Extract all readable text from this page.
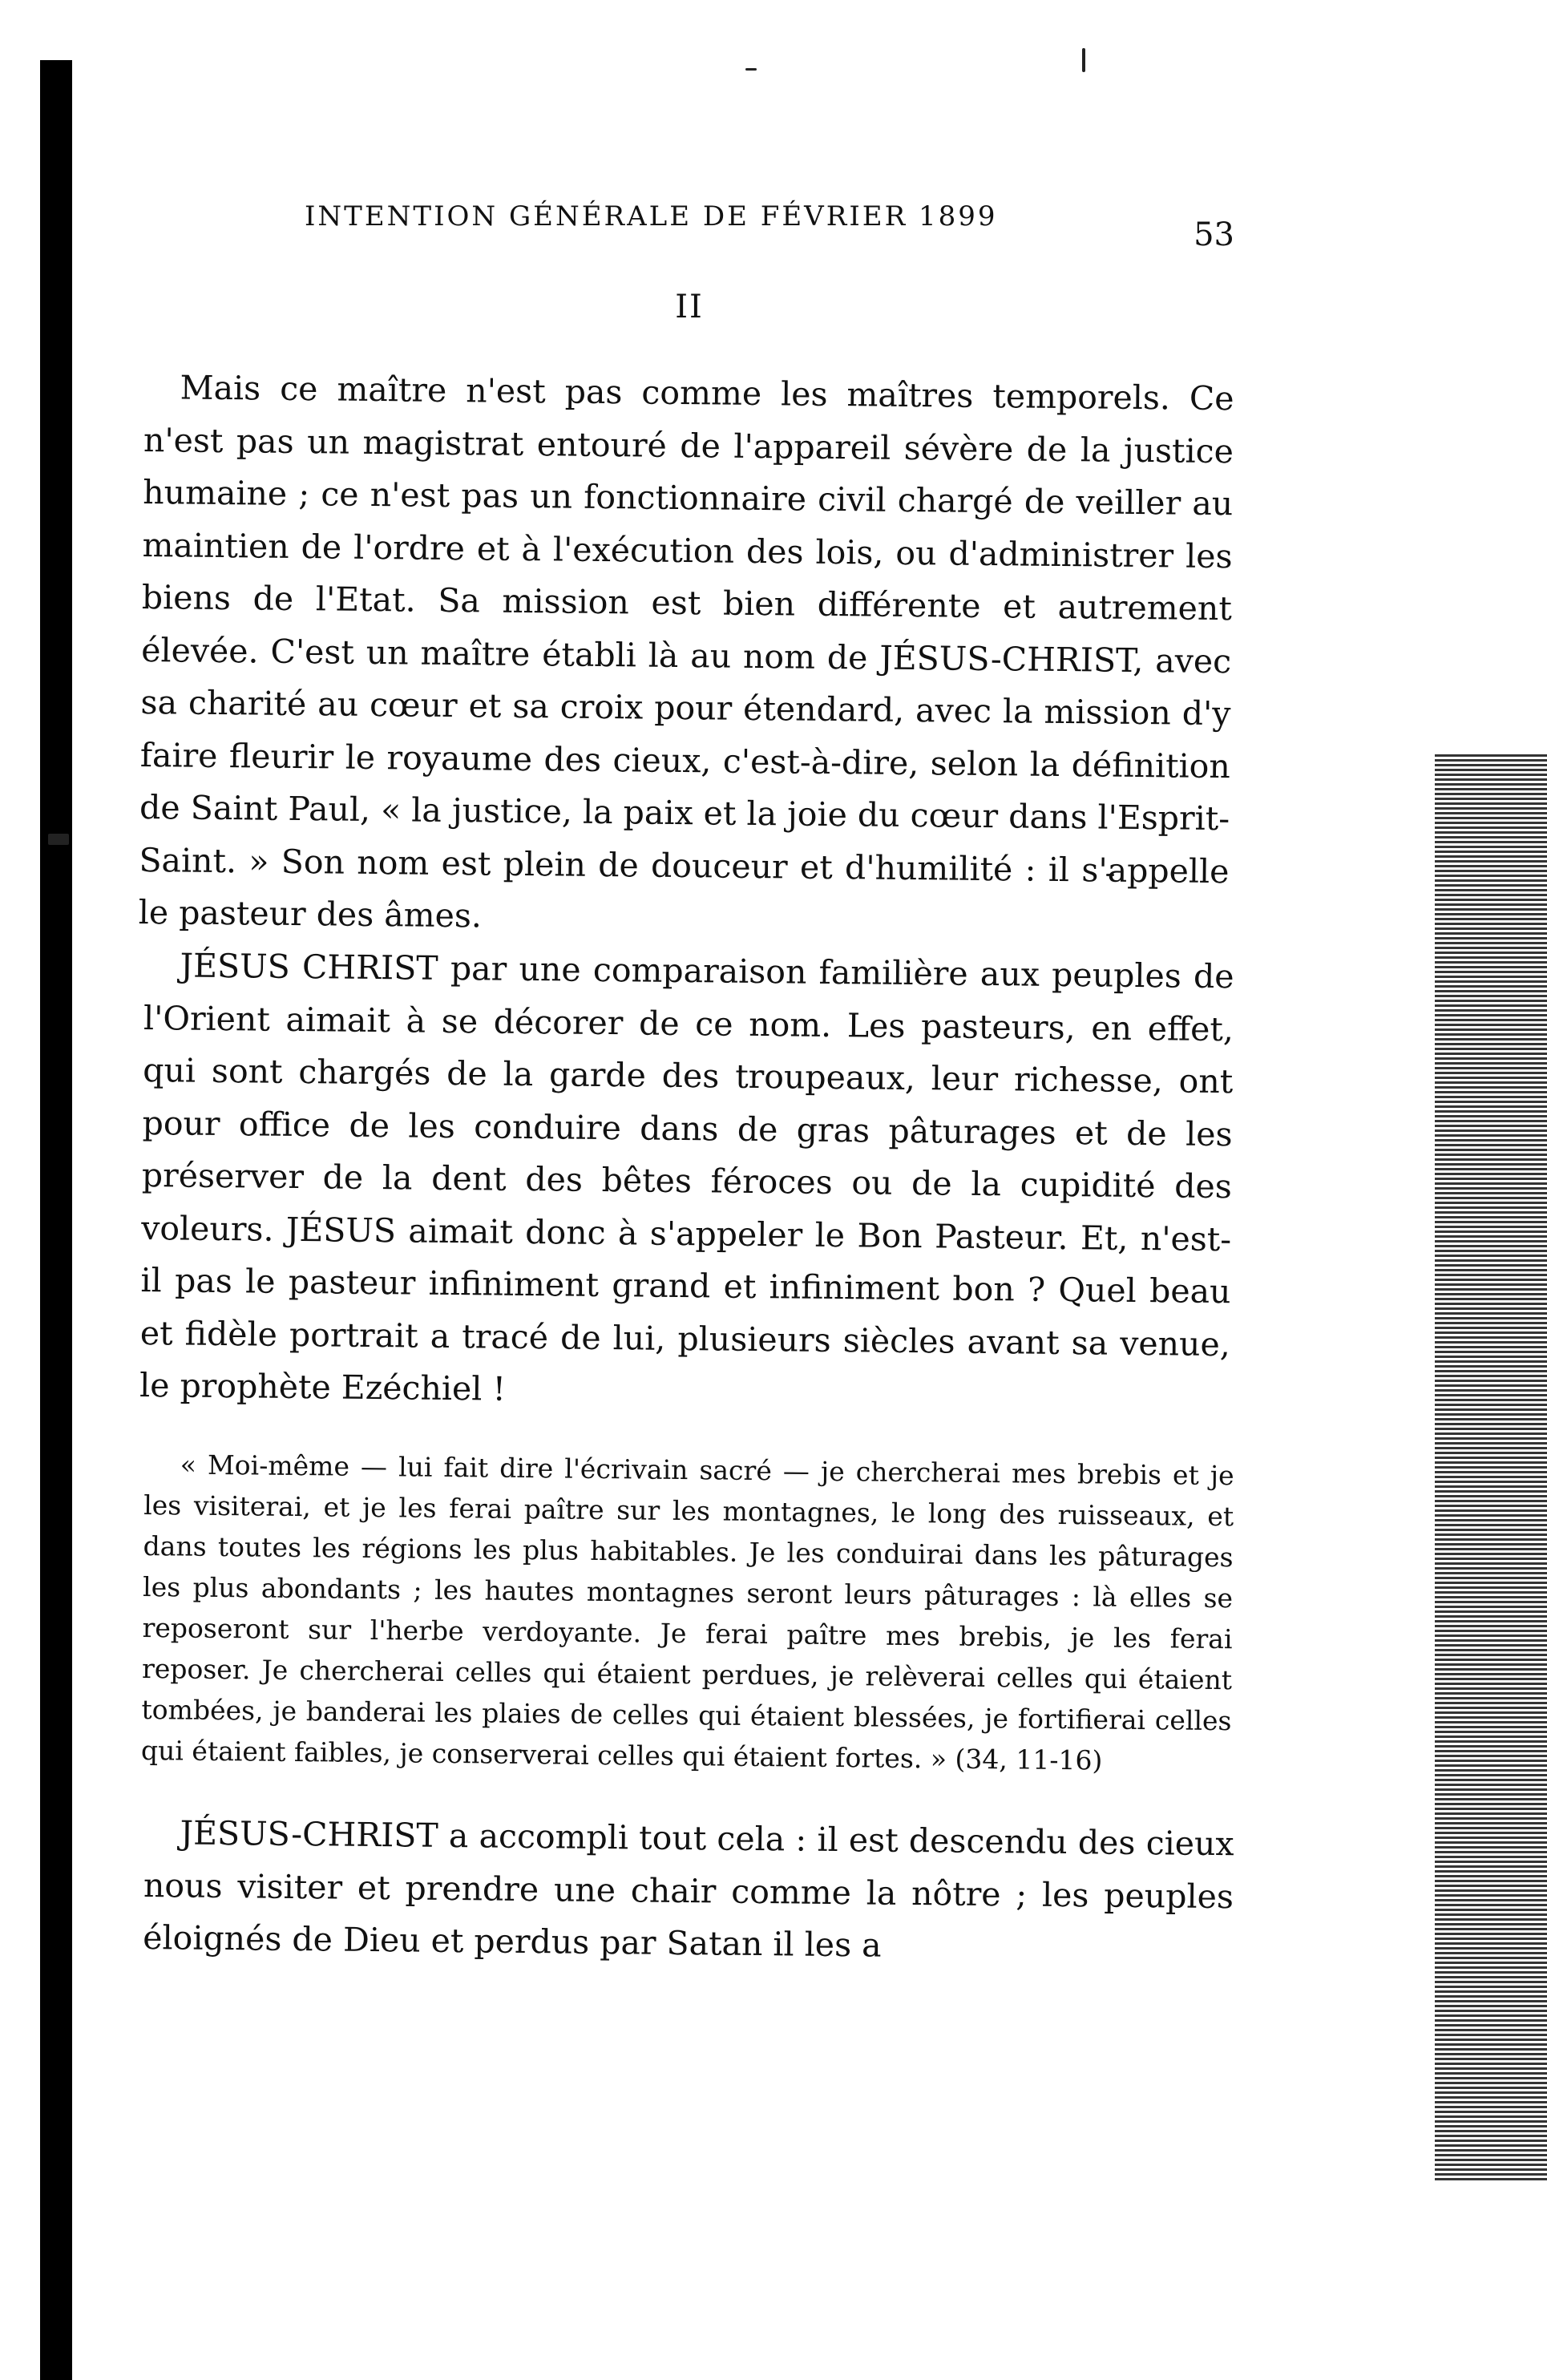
INTENTION GÉNÉRALE DE FÉVRIER 1899	53
II

Mais ce maître n'est pas comme les maîtres temporels. Ce n'est pas un magistrat entouré de l'appareil sévère de la justice humaine ; ce n'est pas un fonctionnaire civil chargé de veiller au maintien de l'ordre et à l'exécution des lois, ou d'administrer les biens de l'Etat. Sa mission est bien différente et autrement élevée. C'est un maître établi là au nom de JÉSUS-CHRIST, avec sa charité au cœur et sa croix pour étendard, avec la mission d'y faire fleurir le royaume des cieux, c'est-à-dire, selon la définition de Saint Paul, « la justice, la paix et la joie du cœur dans l'Esprit-Saint. » Son nom est plein de douceur et d'humilité : il s'appelle le pasteur des âmes.

JÉSUS CHRIST par une comparaison familière aux peuples de l'Orient aimait à se décorer de ce nom. Les pasteurs, en effet, qui sont chargés de la garde des troupeaux, leur richesse, ont pour office de les conduire dans de gras pâturages et de les préserver de la dent des bêtes féroces ou de la cupidité des voleurs. JÉSUS aimait donc à s'appeler le Bon Pasteur. Et, n'est-il pas le pasteur infiniment grand et infiniment bon ? Quel beau et fidèle portrait a tracé de lui, plusieurs siècles avant sa venue, le prophète Ezéchiel !

« Moi-même — lui fait dire l'écrivain sacré — je chercherai mes brebis et je les visiterai, et je les ferai paître sur les montagnes, le long des ruisseaux, et dans toutes les régions les plus habitables. Je les conduirai dans les pâturages les plus abondants ; les hautes montagnes seront leurs pâturages : là elles se reposeront sur l'herbe verdoyante. Je ferai paître mes brebis, je les ferai reposer. Je chercherai celles qui étaient perdues, je relèverai celles qui étaient tombées, je banderai les plaies de celles qui étaient blessées, je fortifierai celles qui étaient faibles, je conserverai celles qui étaient fortes. » (34, 11-16)

JÉSUS-CHRIST a accompli tout cela : il est descendu des cieux nous visiter et prendre une chair comme la nôtre ; les peuples éloignés de Dieu et perdus par Satan il les a
